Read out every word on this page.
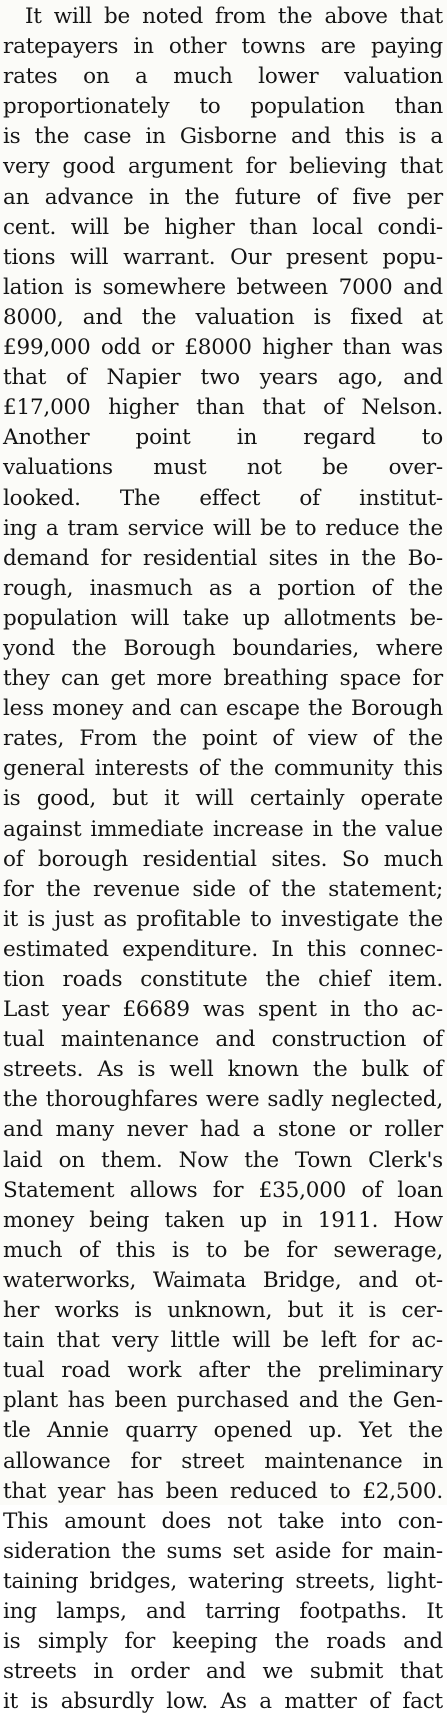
It will be noted from the above that
ratepayers in other towns are paying
rates on a much lower valuation
proportionately to population than
is the case in Gisborne and this is a
very good argument for believing that
an advance in the future of five per
cent. will be higher than local condi-
tions will warrant. Our present popu-
lation is somewhere between 7000 and
8000, and the valuation is fixed at
£99,000 odd or £8000 higher than was
that of Napier two years ago, and
£17,000 higher than that of Nelson.
Another point in regard to
valuations must not be over-
looked. The effect of institut-
ing a tram service will be to reduce the
demand for residential sites in the Bo-
rough, inasmuch as a portion of the
population will take up allotments be-
yond the Borough boundaries, where
they can get more breathing space for
less money and can escape the Borough
rates, From the point of view of the
general interests of the community this
is good, but it will certainly operate
against immediate increase in the value
of borough residential sites. So much
for the revenue side of the statement;
it is just as profitable to investigate the
estimated expenditure. In this connec-
tion roads constitute the chief item.
Last year £6689 was spent in tho ac-
tual maintenance and construction of
streets. As is well known the bulk of
the thoroughfares were sadly neglected,
and many never had a stone or roller
laid on them. Now the Town Clerk's
Statement allows for £35,000 of loan
money being taken up in 1911. How
much of this is to be for sewerage,
waterworks, Waimata Bridge, and ot-
her works is unknown, but it is cer-
tain that very little will be left for ac-
tual road work after the preliminary
plant has been purchased and the Gen-
tle Annie quarry opened up. Yet the
allowance for street maintenance in
that year has been reduced to £2,500.
This amount does not take into con-
sideration the sums set aside for main-
taining bridges, watering streets, light-
ing lamps, and tarring footpaths. It
is simply for keeping the roads and
streets in order and we submit that
it is absurdly low. As a matter of fact
